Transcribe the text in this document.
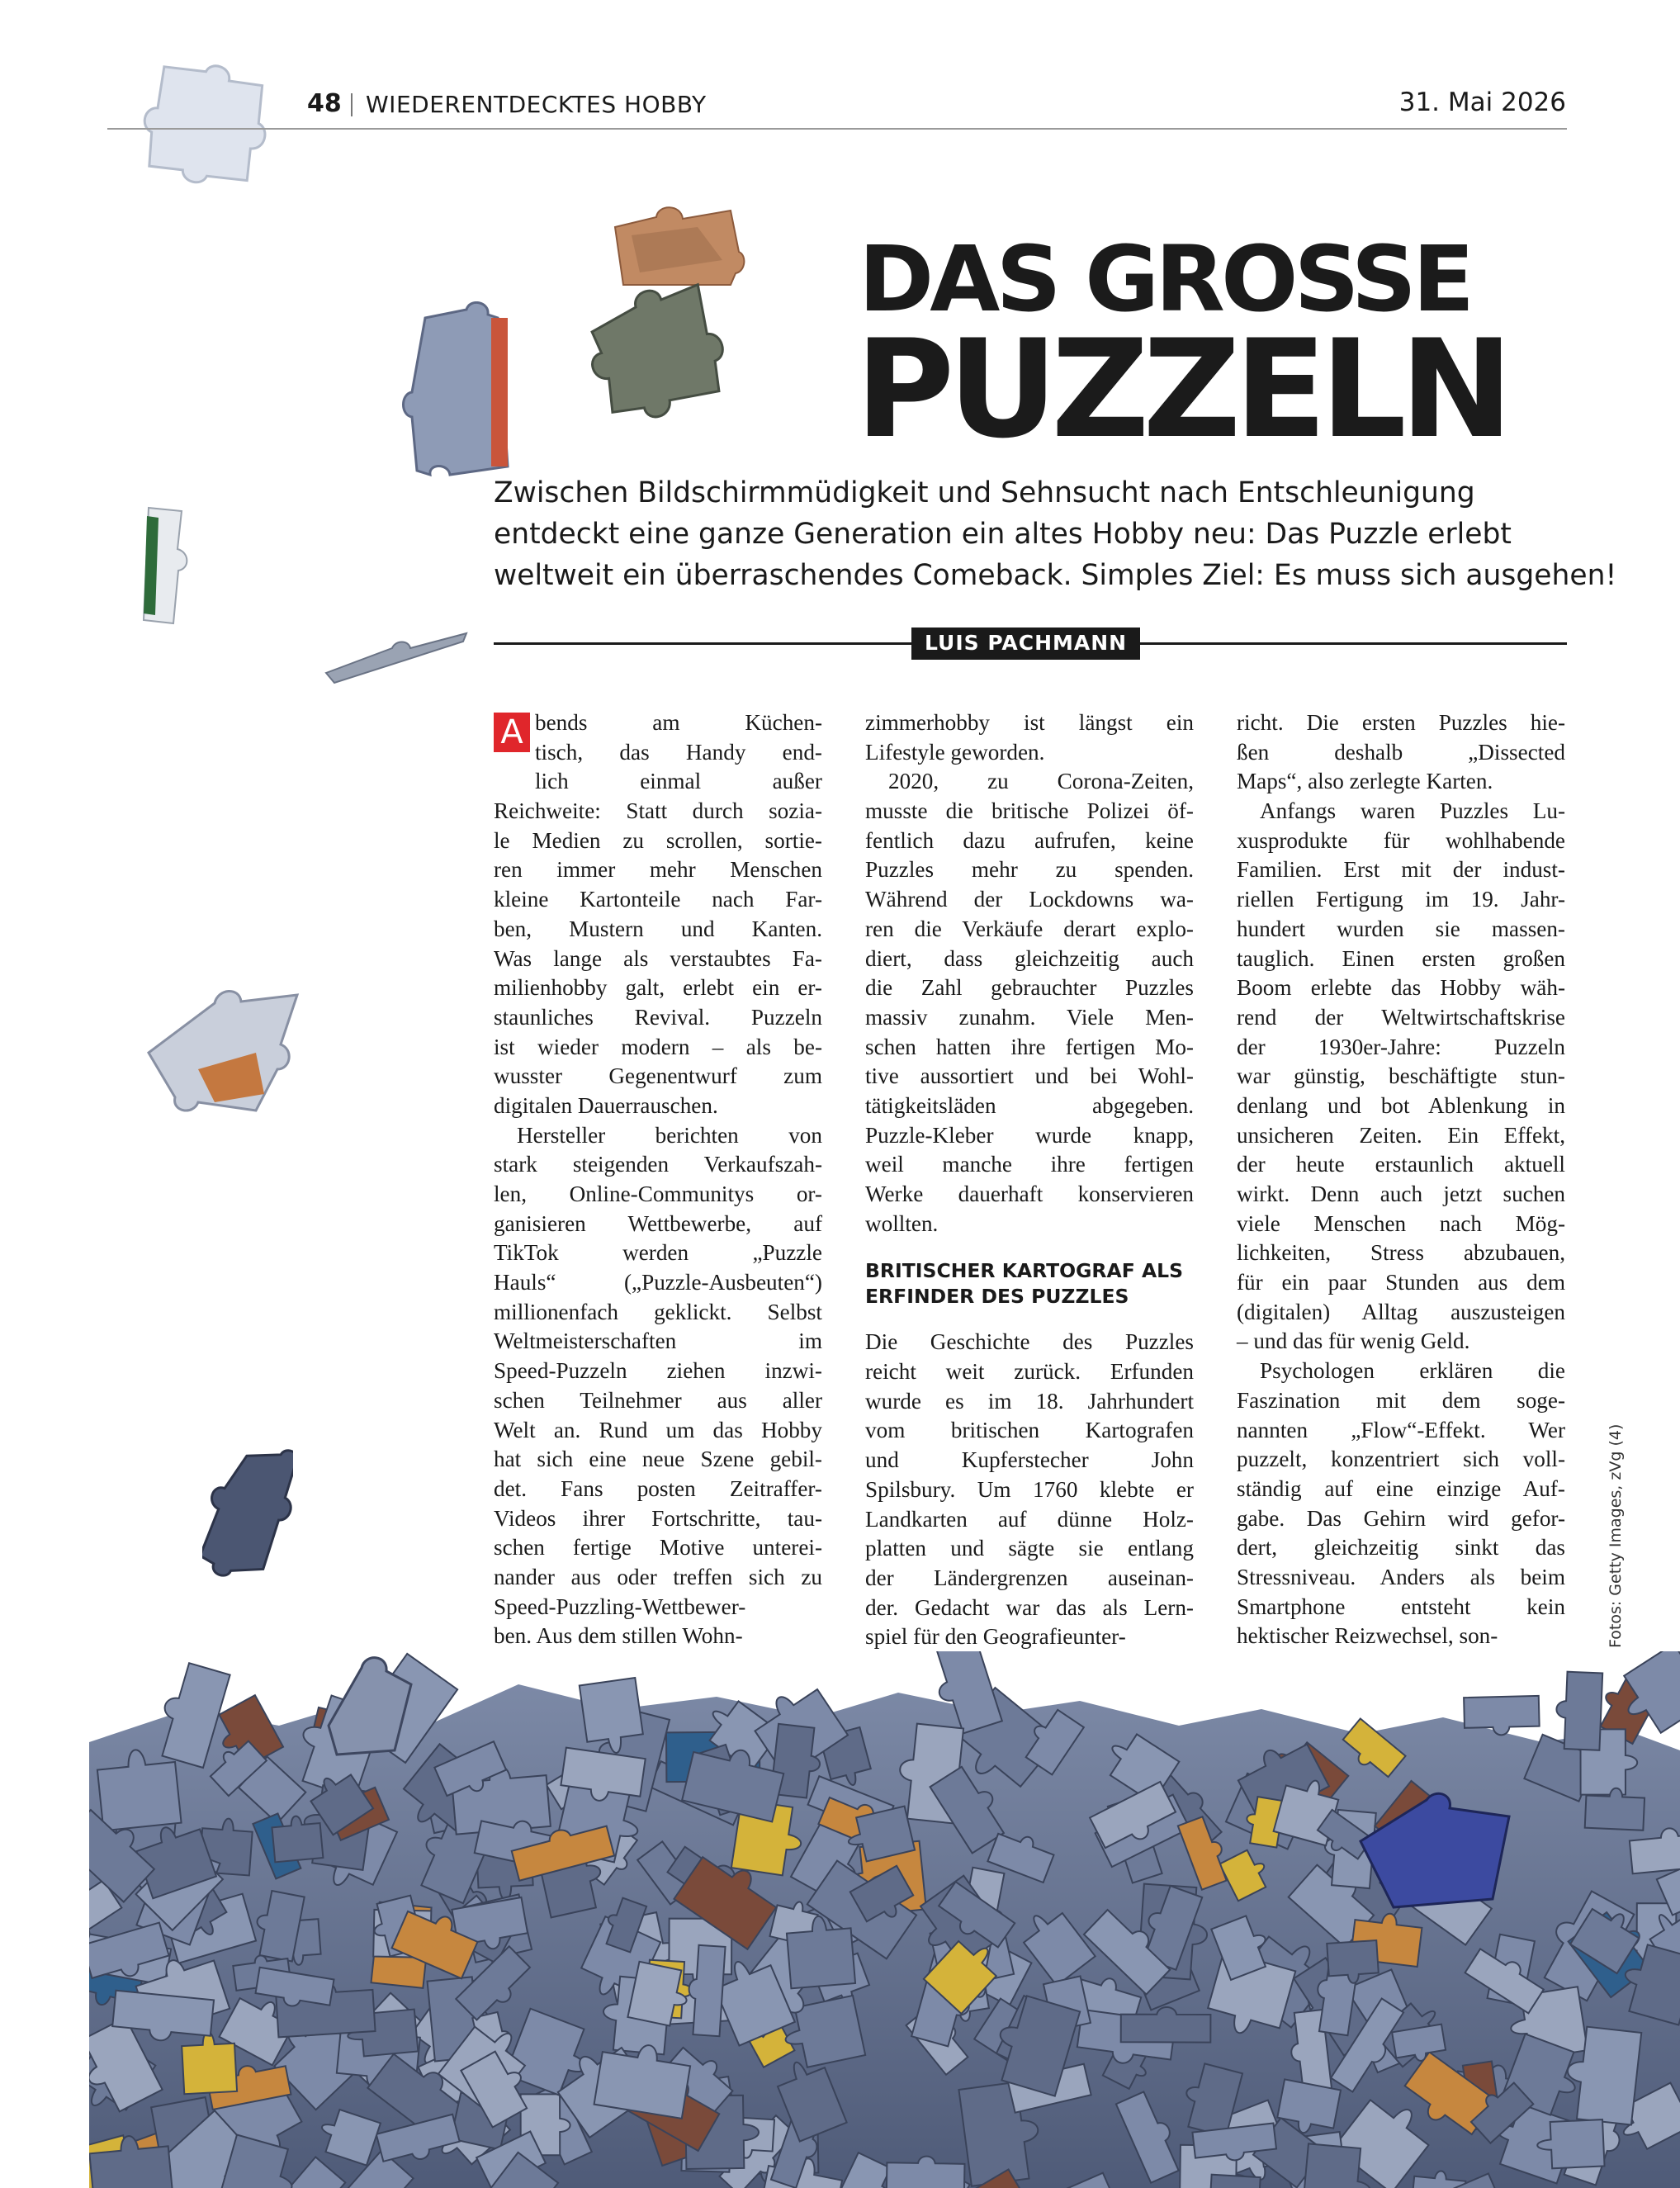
48 WIEDERENTDECKTES HOBBY	31. Mai 2026
DAS GROSSE
PUZZELN
Zwischen Bildschirmmüdigkeit und Sehnsucht nach Entschleunigung
entdeckt eine ganze Generation ein altes Hobby neu: Das Puzzle erlebt
weltweit ein überraschendes Comeback. Simples Ziel: Es muss sich ausgehen!
LUIS PACHMANN
A bends am Küchen-
tisch, das Handy end-
lich einmal außer
Reichweite: Statt durch sozia-
le Medien zu scrollen, sortie-
ren immer mehr Menschen
kleine Kartonteile nach Far-
ben, Mustern und Kanten.
Was lange als verstaubtes Fa-
milienhobby galt, erlebt ein er-
staunliches Revival. Puzzeln
ist wieder modern – als be-
wusster Gegenentwurf zum
digitalen Dauerrauschen.
Hersteller berichten von
stark steigenden Verkaufszah-
len, Online-Communitys or-
ganisieren Wettbewerbe, auf
TikTok werden „Puzzle
Hauls“ („Puzzle-Ausbeuten“)
millionenfach geklickt. Selbst
Weltmeisterschaften im
Speed-Puzzeln ziehen inzwi-
schen Teilnehmer aus aller
Welt an. Rund um das Hobby
hat sich eine neue Szene gebil-
det. Fans posten Zeitraffer-
Videos ihrer Fortschritte, tau-
schen fertige Motive unterei-
nander aus oder treffen sich zu
Speed-Puzzling-Wettbewer-
ben. Aus dem stillen Wohn-
zimmerhobby ist längst ein
Lifestyle geworden.
2020, zu Corona-Zeiten,
musste die britische Polizei öf-
fentlich dazu aufrufen, keine
Puzzles mehr zu spenden.
Während der Lockdowns wa-
ren die Verkäufe derart explo-
diert, dass gleichzeitig auch
die Zahl gebrauchter Puzzles
massiv zunahm. Viele Men-
schen hatten ihre fertigen Mo-
tive aussortiert und bei Wohl-
tätigkeitsläden abgegeben.
Puzzle-Kleber wurde knapp,
weil manche ihre fertigen
Werke dauerhaft konservieren
wollten.
BRITISCHER KARTOGRAF ALS
ERFINDER DES PUZZLES
Die Geschichte des Puzzles
reicht weit zurück. Erfunden
wurde es im 18. Jahrhundert
vom britischen Kartografen
und Kupferstecher John
Spilsbury. Um 1760 klebte er
Landkarten auf dünne Holz-
platten und sägte sie entlang
der Ländergrenzen auseinan-
der. Gedacht war das als Lern-
spiel für den Geografieunter-
richt. Die ersten Puzzles hie-
ßen deshalb „Dissected
Maps“, also zerlegte Karten.
Anfangs waren Puzzles Lu-
xusprodukte für wohlhabende
Familien. Erst mit der indust-
riellen Fertigung im 19. Jahr-
hundert wurden sie massen-
tauglich. Einen ersten großen
Boom erlebte das Hobby wäh-
rend der Weltwirtschaftskrise
der 1930er-Jahre: Puzzeln
war günstig, beschäftigte stun-
denlang und bot Ablenkung in
unsicheren Zeiten. Ein Effekt,
der heute erstaunlich aktuell
wirkt. Denn auch jetzt suchen
viele Menschen nach Mög-
lichkeiten, Stress abzubauen,
für ein paar Stunden aus dem
(digitalen) Alltag auszusteigen
– und das für wenig Geld.
Psychologen erklären die
Faszination mit dem soge-
nannten „Flow“-Effekt. Wer
puzzelt, konzentriert sich voll-
ständig auf eine einzige Auf-
gabe. Das Gehirn wird gefor-
dert, gleichzeitig sinkt das
Stressniveau. Anders als beim
Smartphone entsteht kein
hektischer Reizwechsel, son-	Fotos: Getty Images, zVg (4)
